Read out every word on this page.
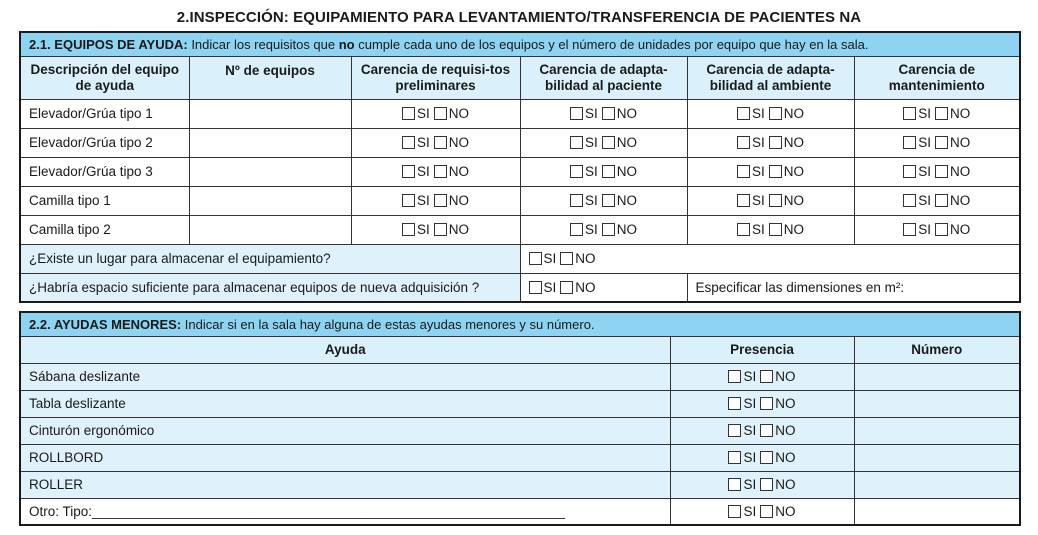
2.INSPECCIÓN: EQUIPAMIENTO PARA LEVANTAMIENTO/TRANSFERENCIA DE PACIENTES NA
2.1. EQUIPOS DE AYUDA: Indicar los requisitos que no cumple cada uno de los equipos y el número de unidades por equipo que hay en la sala.					
Descripción del equipo de ayuda	Nº de equipos	Carencia de requisi-tos preliminares	Carencia de adapta-bilidad al paciente	Carencia de adapta-bilidad al ambiente	Carencia de mantenimiento
Elevador/Grúa tipo 1		SI NO	SI NO	SI NO	SI NO
Elevador/Grúa tipo 2		SI NO	SI NO	SI NO	SI NO
Elevador/Grúa tipo 3		SI NO	SI NO	SI NO	SI NO
Camilla tipo 1		SI NO	SI NO	SI NO	SI NO
Camilla tipo 2		SI NO	SI NO	SI NO	SI NO
¿Existe un lugar para almacenar el equipamiento?			SI NO		
¿Habría espacio suficiente para almacenar equipos de nueva adquisición ?			SI NO	Especificar las dimensiones en m²:	
2.2. AYUDAS MENORES: Indicar si en la sala hay alguna de estas ayudas menores y su número.		
Ayuda	Presencia	Número
Sábana deslizante	SI NO	
Tabla deslizante	SI NO	
Cinturón ergonómico	SI NO	
ROLLBORD	SI NO	
ROLLER	SI NO	
Otro: Tipo:_______________________________________________________________	SI NO	
